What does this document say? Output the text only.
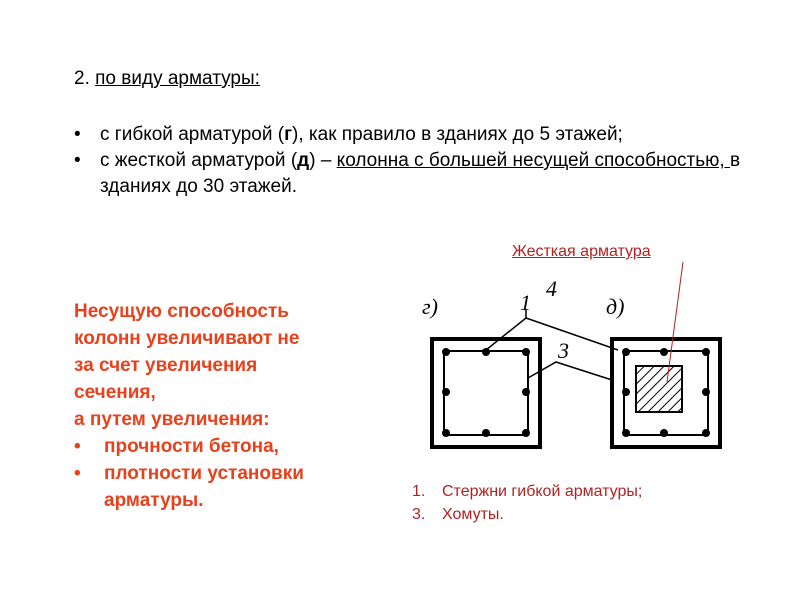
2. по виду арматуры:
• с гибкой арматурой (г), как правило в зданиях до 5 этажей;
• с жесткой арматурой (д) – колонна с большей несущей способностью, в зданиях до 30 этажей.
Несущую способность
колонн увеличивают не
за счет увеличения
сечения,
а путем увеличения:
• прочности бетона,
• плотности установки арматуры.
Жесткая арматура
г)	д)
1
4
3
1. Стержни гибкой арматуры;
3. Хомуты.
